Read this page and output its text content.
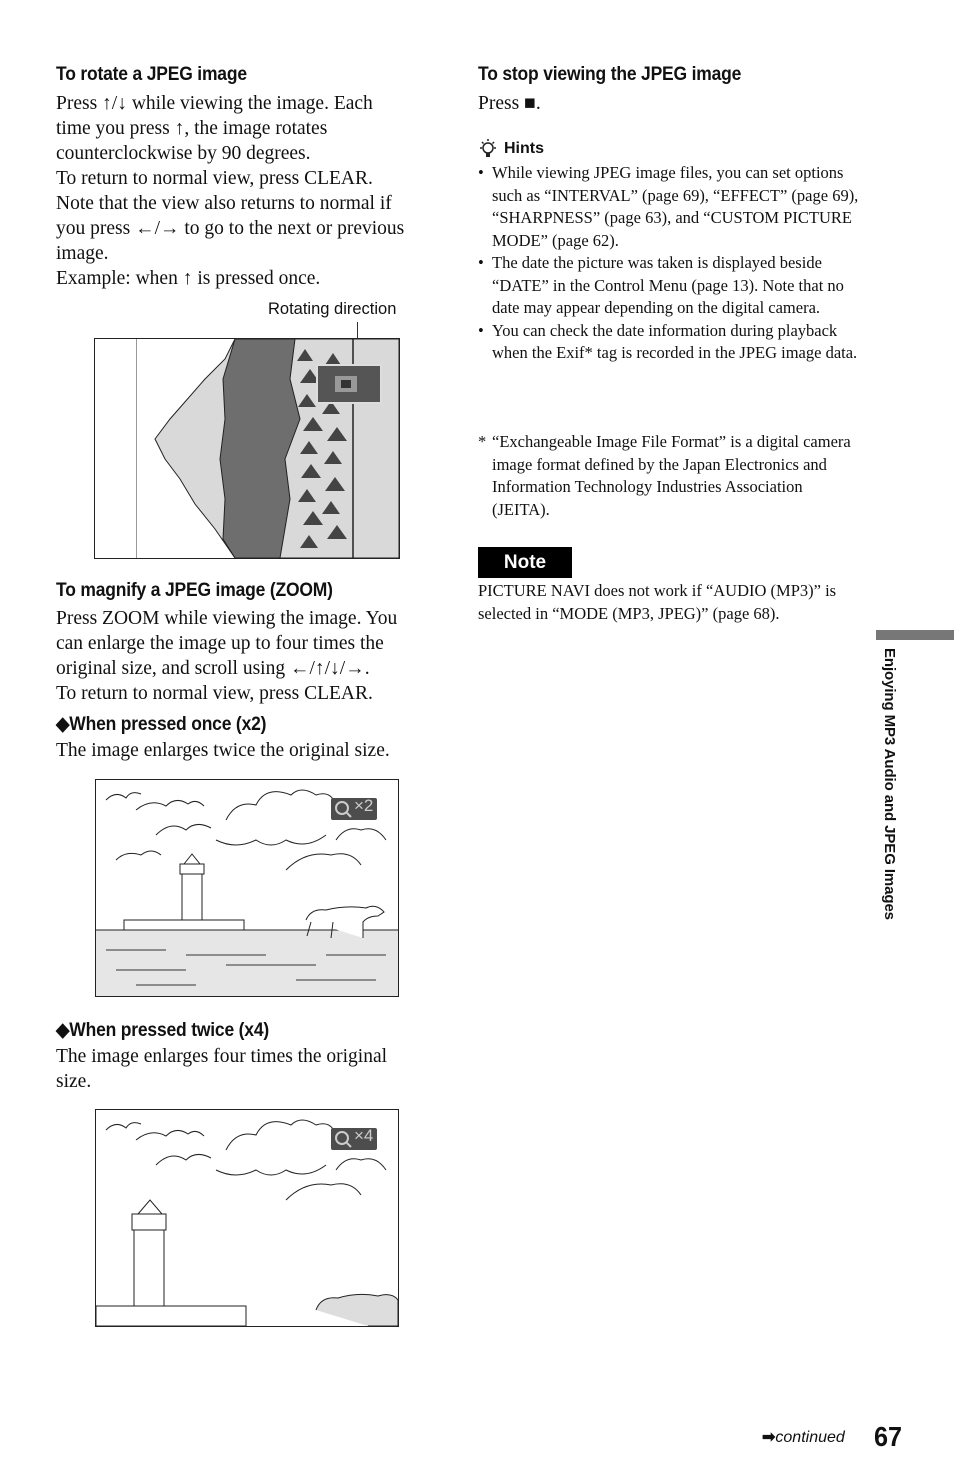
To rotate a JPEG image
Press ↑/↓ while viewing the image. Each
time you press ↑, the image rotates
counterclockwise by 90 degrees.
To return to normal view, press CLEAR.
Note that the view also returns to normal if
you press ←/→ to go to the next or previous
image.
Example: when ↑ is pressed once.
Rotating direction
To magnify a JPEG image (ZOOM)
Press ZOOM while viewing the image. You
can enlarge the image up to four times the
original size, and scroll using ←/↑/↓/→.
To return to normal view, press CLEAR.
◆When pressed once (x2)
The image enlarges twice the original size.
×2
◆When pressed twice (x4)
The image enlarges four times the original
size.
×4
To stop viewing the JPEG image
Press ■.
Hints
• While viewing JPEG image files, you can set options such as “INTERVAL” (page 69), “EFFECT” (page 69), “SHARPNESS” (page 63), and “CUSTOM PICTURE MODE” (page 62).
• The date the picture was taken is displayed beside “DATE” in the Control Menu (page 13). Note that no date may appear depending on the digital camera.
• You can check the date information during playback when the Exif* tag is recorded in the JPEG image data.
* “Exchangeable Image File Format” is a digital camera image format defined by the Japan Electronics and Information Technology Industries Association (JEITA).
Note
PICTURE NAVI does not work if “AUDIO (MP3)” is selected in “MODE (MP3, JPEG)” (page 68).
Enjoying MP3 Audio and JPEG Images
➡continued 67
